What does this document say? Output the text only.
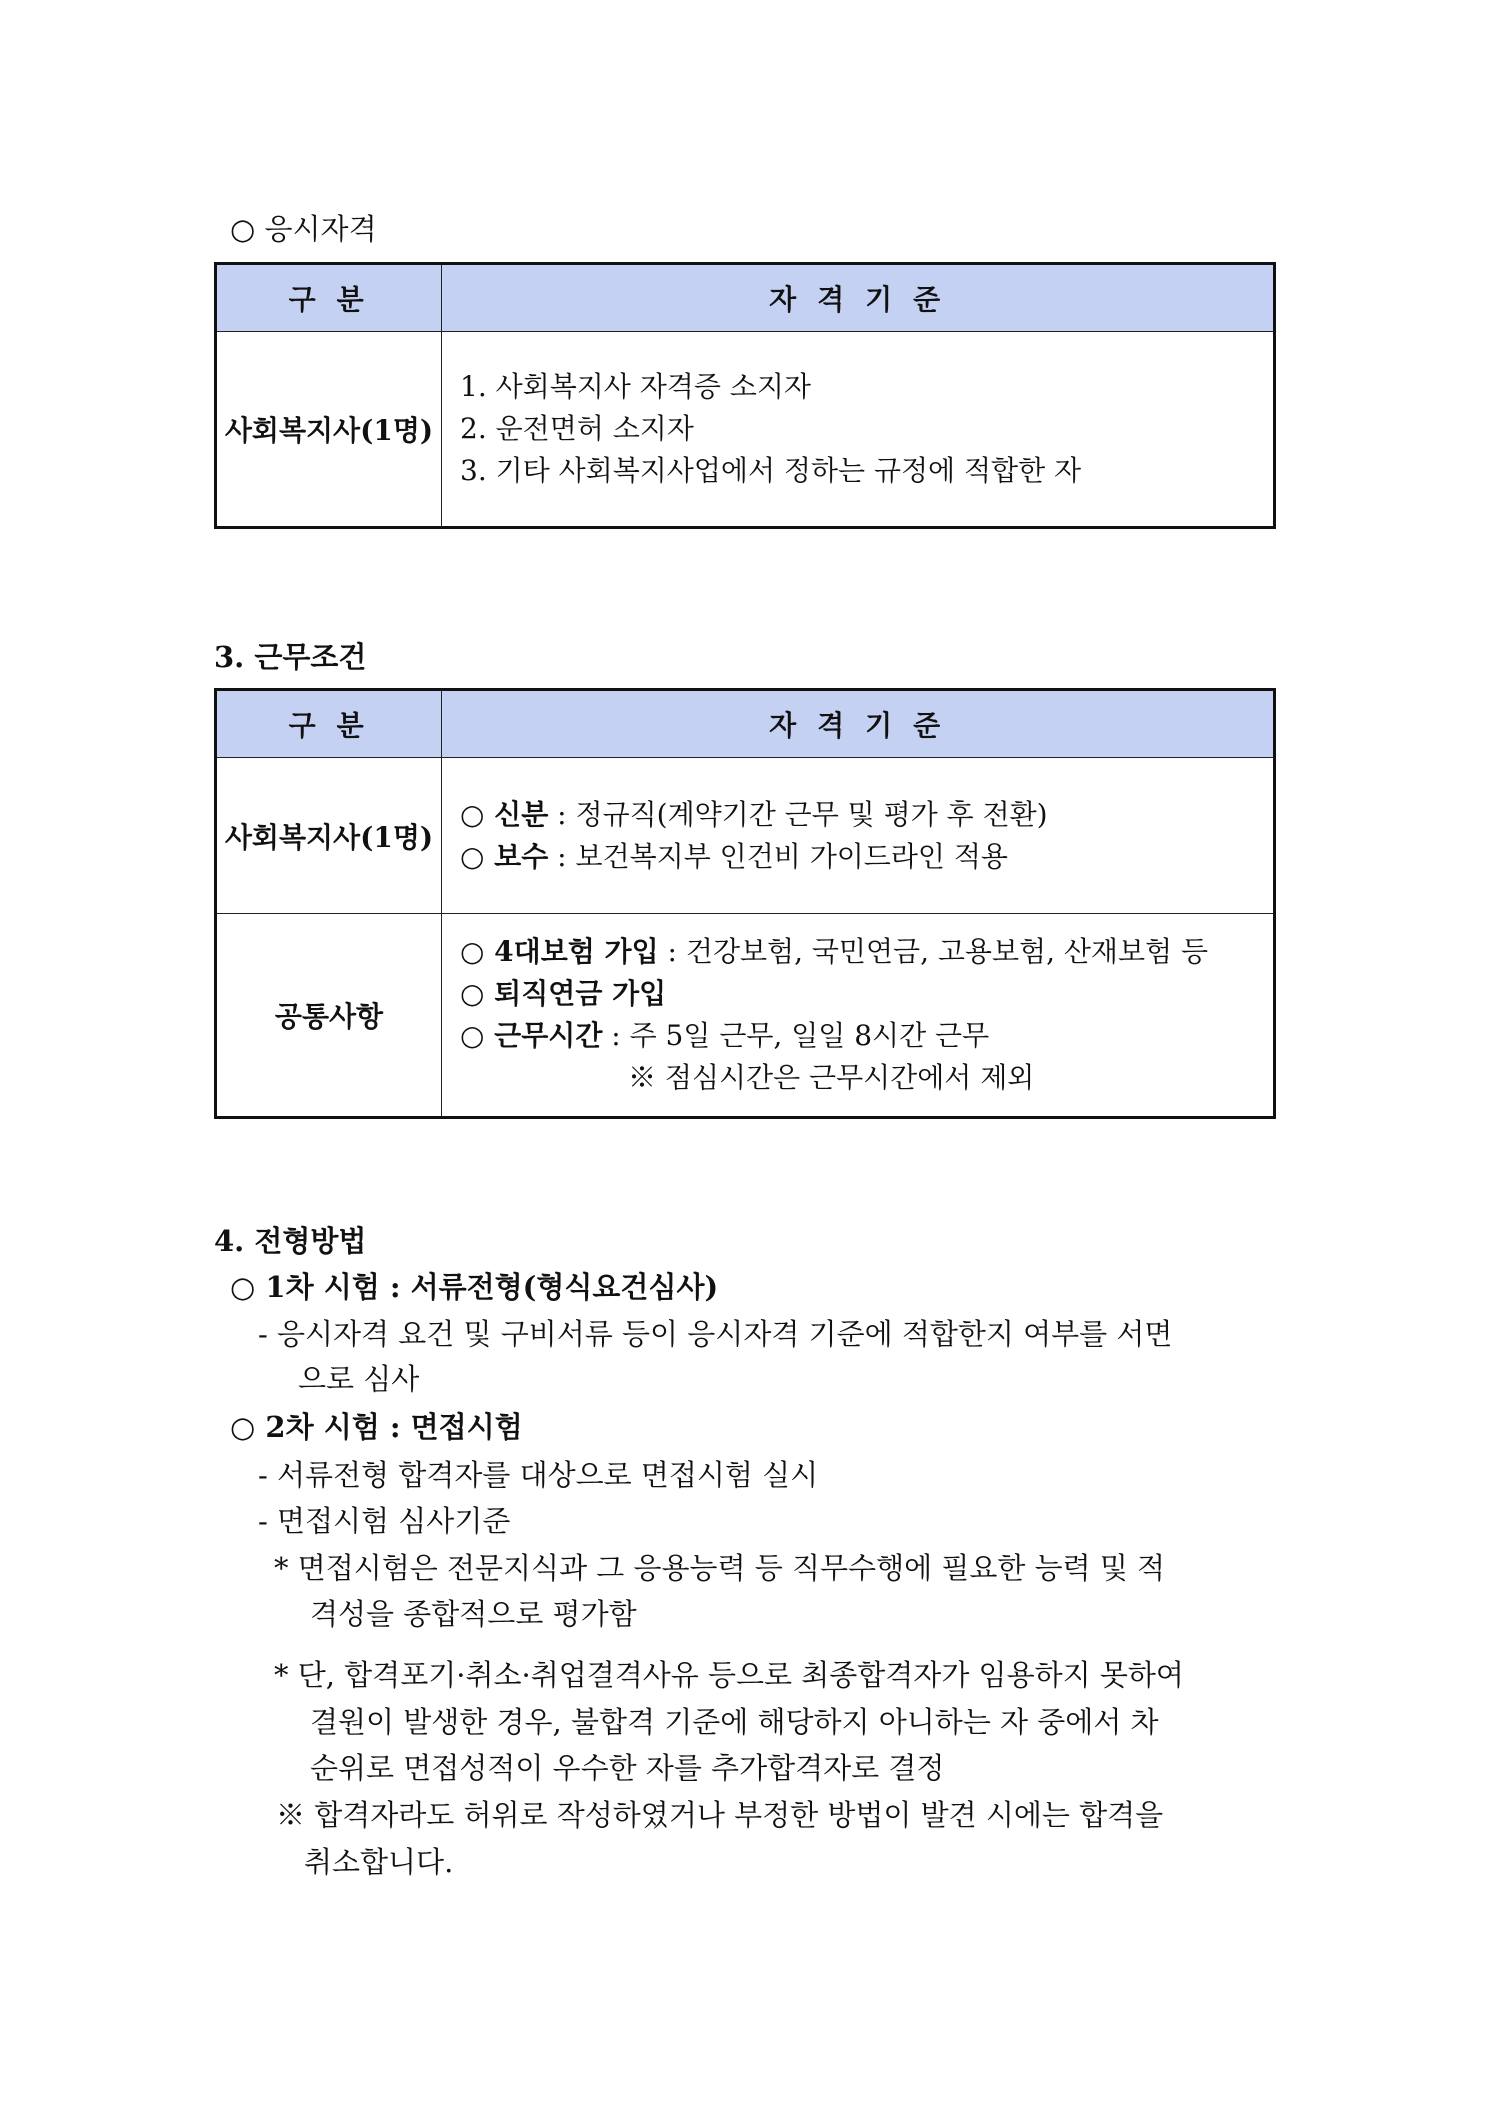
○ 응시자격
구 분	자 격 기 준
사회복지사(1명)	1. 사회복지사 자격증 소지자
2. 운전면허 소지자
3. 기타 사회복지사업에서 정하는 규정에 적합한 자
3. 근무조건
구 분	자 격 기 준
사회복지사(1명)	○ 신분 : 정규직(계약기간 근무 및 평가 후 전환)
○ 보수 : 보건복지부 인건비 가이드라인 적용

공통사항	○ 4대보험 가입 : 건강보험, 국민연금, 고용보험, 산재보험 등
○ 퇴직연금 가입
○ 근무시간 : 주 5일 근무, 일일 8시간 근무
※ 점심시간은 근무시간에서 제외
4. 전형방법
○ 1차 시험 : 서류전형(형식요건심사)
- 응시자격 요건 및 구비서류 등이 응시자격 기준에 적합한지 여부를 서면
으로 심사
○ 2차 시험 : 면접시험
- 서류전형 합격자를 대상으로 면접시험 실시
- 면접시험 심사기준
* 면접시험은 전문지식과 그 응용능력 등 직무수행에 필요한 능력 및 적
격성을 종합적으로 평가함
* 단, 합격포기·취소·취업결격사유 등으로 최종합격자가 임용하지 못하여
결원이 발생한 경우, 불합격 기준에 해당하지 아니하는 자 중에서 차
순위로 면접성적이 우수한 자를 추가합격자로 결정
※ 합격자라도 허위로 작성하였거나 부정한 방법이 발견 시에는 합격을
취소합니다.
